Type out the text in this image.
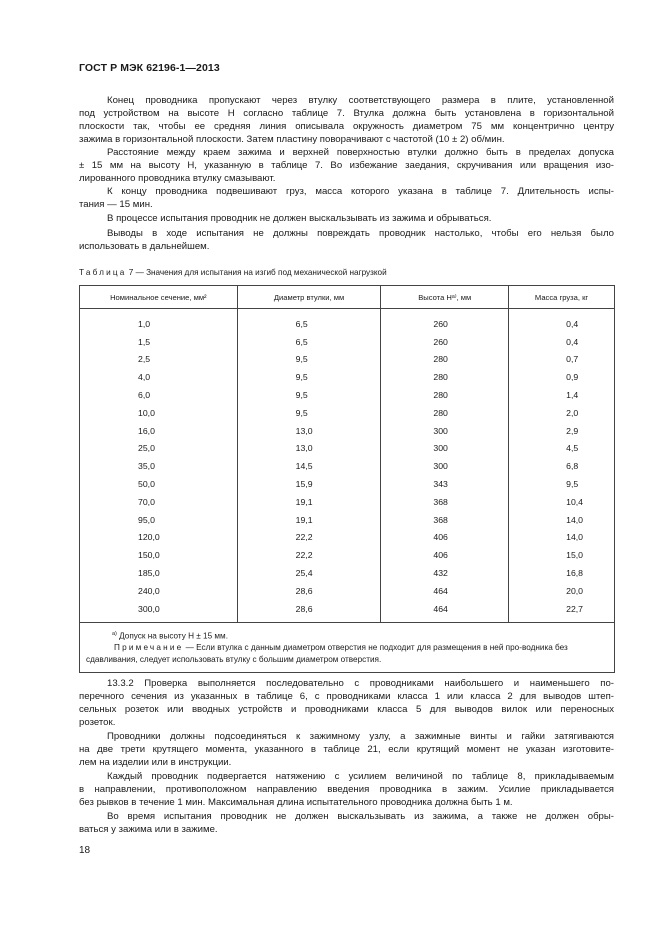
ГОСТ Р МЭК 62196-1—2013
Конец проводника пропускают через втулку соответствующего размера в плите, установленной
под устройством на высоте H согласно таблице 7. Втулка должна быть установлена в горизонтальной
плоскости так, чтобы ее средняя линия описывала окружность диаметром 75 мм концентрично центру
зажима в горизонтальной плоскости. Затем пластину поворачивают с частотой (10 ± 2) об/мин.
Расстояние между краем зажима и верхней поверхностью втулки должно быть в пределах допуска
± 15 мм на высоту H, указанную в таблице 7. Во избежание заедания, скручивания или вращения изо-
лированного проводника втулку смазывают.
К концу проводника подвешивают груз, масса которого указана в таблице 7. Длительность испы-
тания — 15 мин.
В процессе испытания проводник не должен выскальзывать из зажима и обрываться.
Выводы в ходе испытания не должны повреждать проводник настолько, чтобы его нельзя было
использовать в дальнейшем.
Таблица 7 — Значения для испытания на изгиб под механической нагрузкой
Номинальное сечение, мм²	Диаметр втулки, мм	Высота Hᵃ⁾, мм	Масса груза, кг
1,0	6,5	260	0,4
1,5	6,5	260	0,4
2,5	9,5	280	0,7
4,0	9,5	280	0,9
6,0	9,5	280	1,4
10,0	9,5	280	2,0
16,0	13,0	300	2,9
25,0	13,0	300	4,5
35,0	14,5	300	6,8
50,0	15,9	343	9,5
70,0	19,1	368	10,4
95,0	19,1	368	14,0
120,0	22,2	406	14,0
150,0	22,2	406	15,0
185,0	25,4	432	16,8
240,0	28,6	464	20,0
300,0	28,6	464	22,7

$^{a)}$ Допуск на высоту H ± 15 мм.
Примечание — Если втулка с данным диаметром отверстия не подходит для размещения в ней про-водника без сдавливания, следует использовать втулку с большим диаметром отверстия.			
13.3.2 Проверка выполняется последовательно с проводниками наибольшего и наименьшего по-
перечного сечения из указанных в таблице 6, с проводниками класса 1 или класса 2 для выводов штеп-
сельных розеток или вводных устройств и проводниками класса 5 для выводов вилок или переносных
розеток.
Проводники должны подсоединяться к зажимному узлу, а зажимные винты и гайки затягиваются
на две трети крутящего момента, указанного в таблице 21, если крутящий момент не указан изготовите-
лем на изделии или в инструкции.
Каждый проводник подвергается натяжению с усилием величиной по таблице 8, прикладываемым
в направлении, противоположном направлению введения проводника в зажим. Усилие прикладывается
без рывков в течение 1 мин. Максимальная длина испытательного проводника должна быть 1 м.
Во время испытания проводник не должен выскальзывать из зажима, а также не должен обры-
ваться у зажима или в зажиме.
18
